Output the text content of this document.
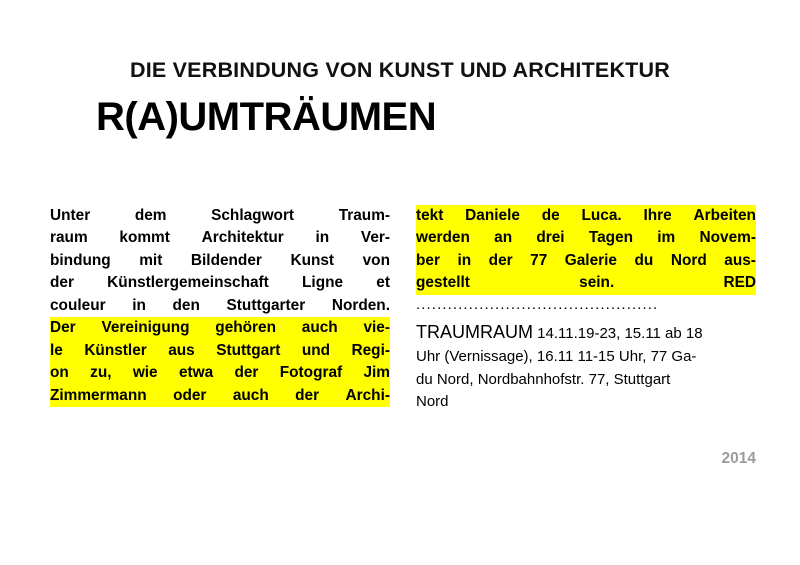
DIE VERBINDUNG VON KUNST UND ARCHITEKTUR
R(A)UMTRÄUMEN

Unter	dem	Schlagwort	Traum-
raum kommt Architektur in Ver-
bindung mit Bildender Kunst von
der Künstlergemeinschaft Ligne et
couleur in den Stuttgarter Norden.
Der Vereinigung gehören auch vie-
le Künstler aus Stuttgart und Regi-
on zu, wie etwa der Fotograf Jim
Zimmermann oder auch der Archi-

tekt Daniele de Luca. Ihre Arbeiten
werden an drei Tagen im Novem-
ber in der 77 Galerie du Nord aus-
gestellt	sein.	RED

..............................................
TRAUMRAUM 14.11.19-23, 15.11 ab 18
Uhr (Vernissage), 16.11 11-15 Uhr, 77 Ga-
du Nord, Nordbahnhofstr. 77, Stuttgart
Nord
2014
